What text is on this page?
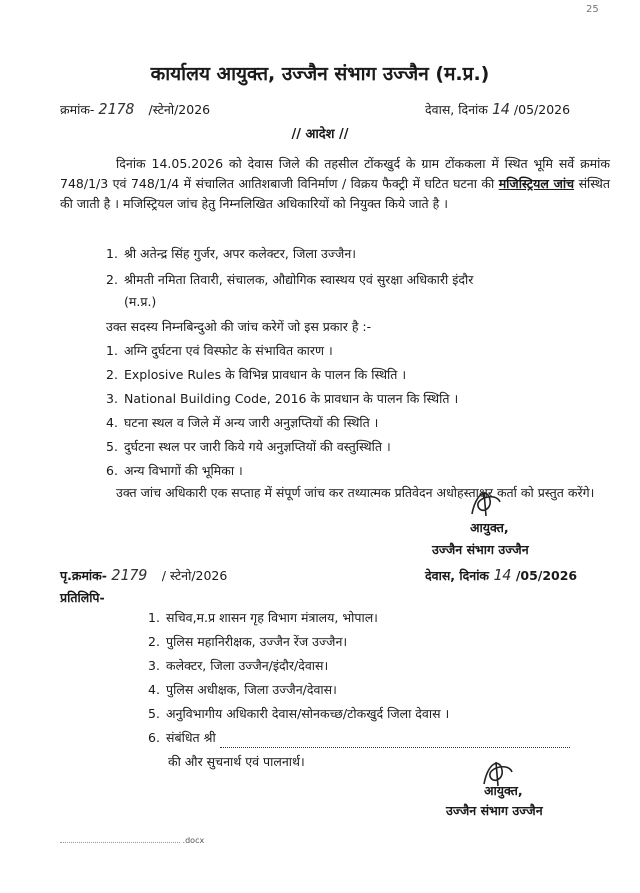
25
कार्यालय आयुक्त, उज्जैन संभाग उज्जैन (म.प्र.)
क्रमांक- 2178 /स्टेनो/2026	देवास, दिनांक 14 /05/2026
// आदेश //
दिनांक 14.05.2026 को देवास जिले की तहसील टोंकखुर्द के ग्राम टोंककला में स्थित भूमि सर्वे क्रमांक 748/1/3 एवं 748/1/4 में संचालित आतिशबाजी विनिर्माण / विक्रय फैक्ट्री में घटित घटना की मजिस्ट्रियल जांच संस्थित की जाती है । मजिस्ट्रियल जांच हेतु निम्नलिखित अधिकारियों को नियुक्त किये जाते है ।
1. श्री अतेन्द्र सिंह गुर्जर, अपर कलेक्टर, जिला उज्जैन।
2. श्रीमती नमिता तिवारी, संचालक, औद्योगिक स्वास्थय एवं सुरक्षा अधिकारी इंदौर
(म.प्र.)
उक्त सदस्य निम्नबिन्दुओ की जांच करेगें जो इस प्रकार है :-
1. अग्नि दुर्घटना एवं विस्फोट के संभावित कारण ।
2. Explosive Rules के विभिन्न प्रावधान के पालन कि स्थिति ।
3. National Building Code, 2016 के प्रावधान के पालन कि स्थिति ।
4. घटना स्थल व जिले में अन्य जारी अनुज्ञप्तियों की स्थिति ।
5. दुर्घटना स्थल पर जारी किये गये अनुज्ञप्तियों की वस्तुस्थिति ।
6. अन्य विभागों की भूमिका ।
उक्त जांच अधिकारी एक सप्ताह में संपूर्ण जांच कर तथ्यात्मक प्रतिवेदन अधोहस्ताक्षर कर्ता को प्रस्तुत करेंगे।
आयुक्त,
उज्जैन संभाग उज्जैन
पृ.क्रमांक- 2179 / स्टेनो/2026	देवास, दिनांक 14 /05/2026
प्रतिलिपि-
1. सचिव,म.प्र शासन गृह विभाग मंत्रालय, भोपाल।
2. पुलिस महानिरीक्षक, उज्जैन रेंज उज्जैन।
3. कलेक्टर, जिला उज्जैन/इंदौर/देवास।
4. पुलिस अधीक्षक, जिला उज्जैन/देवास।
5. अनुविभागीय अधिकारी देवास/सोनकच्छ/टोकखुर्द जिला देवास ।
6. संबंधित श्री
की और सुचनार्थ एवं पालनार्थ।
आयुक्त,
उज्जैन संभाग उज्जैन
.docx
